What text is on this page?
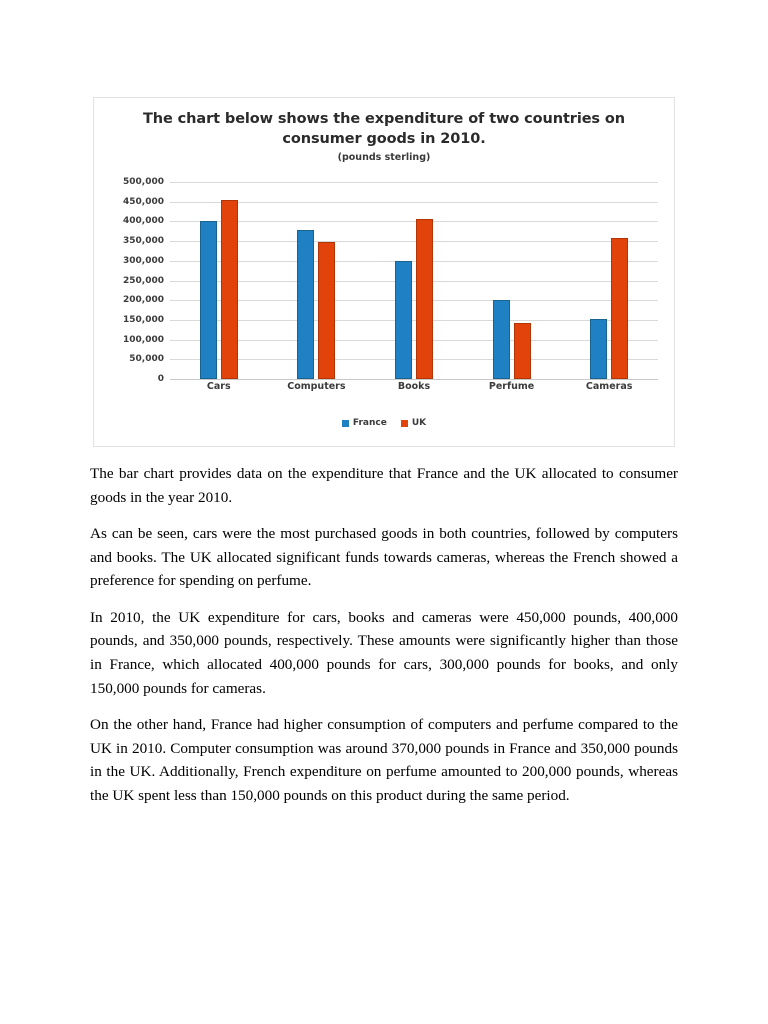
The chart below shows the expenditure of two countries on consumer goods in 2010.
(pounds sterling)
500,000
450,000
400,000
350,000
300,000
250,000
200,000
150,000
100,000
50,000
0
Cars	Computers	Books	Perfume	Cameras
France	UK

The bar chart provides data on the expenditure that France and the UK allocated to consumer goods in the year 2010.

As can be seen, cars were the most purchased goods in both countries, followed by computers and books. The UK allocated significant funds towards cameras, whereas the French showed a preference for spending on perfume.

In 2010, the UK expenditure for cars, books and cameras were 450,000 pounds, 400,000 pounds, and 350,000 pounds, respectively. These amounts were significantly higher than those in France, which allocated 400,000 pounds for cars, 300,000 pounds for books, and only 150,000 pounds for cameras.

On the other hand, France had higher consumption of computers and perfume compared to the UK in 2010. Computer consumption was around 370,000 pounds in France and 350,000 pounds in the UK. Additionally, French expenditure on perfume amounted to 200,000 pounds, whereas the UK spent less than 150,000 pounds on this product during the same period.
